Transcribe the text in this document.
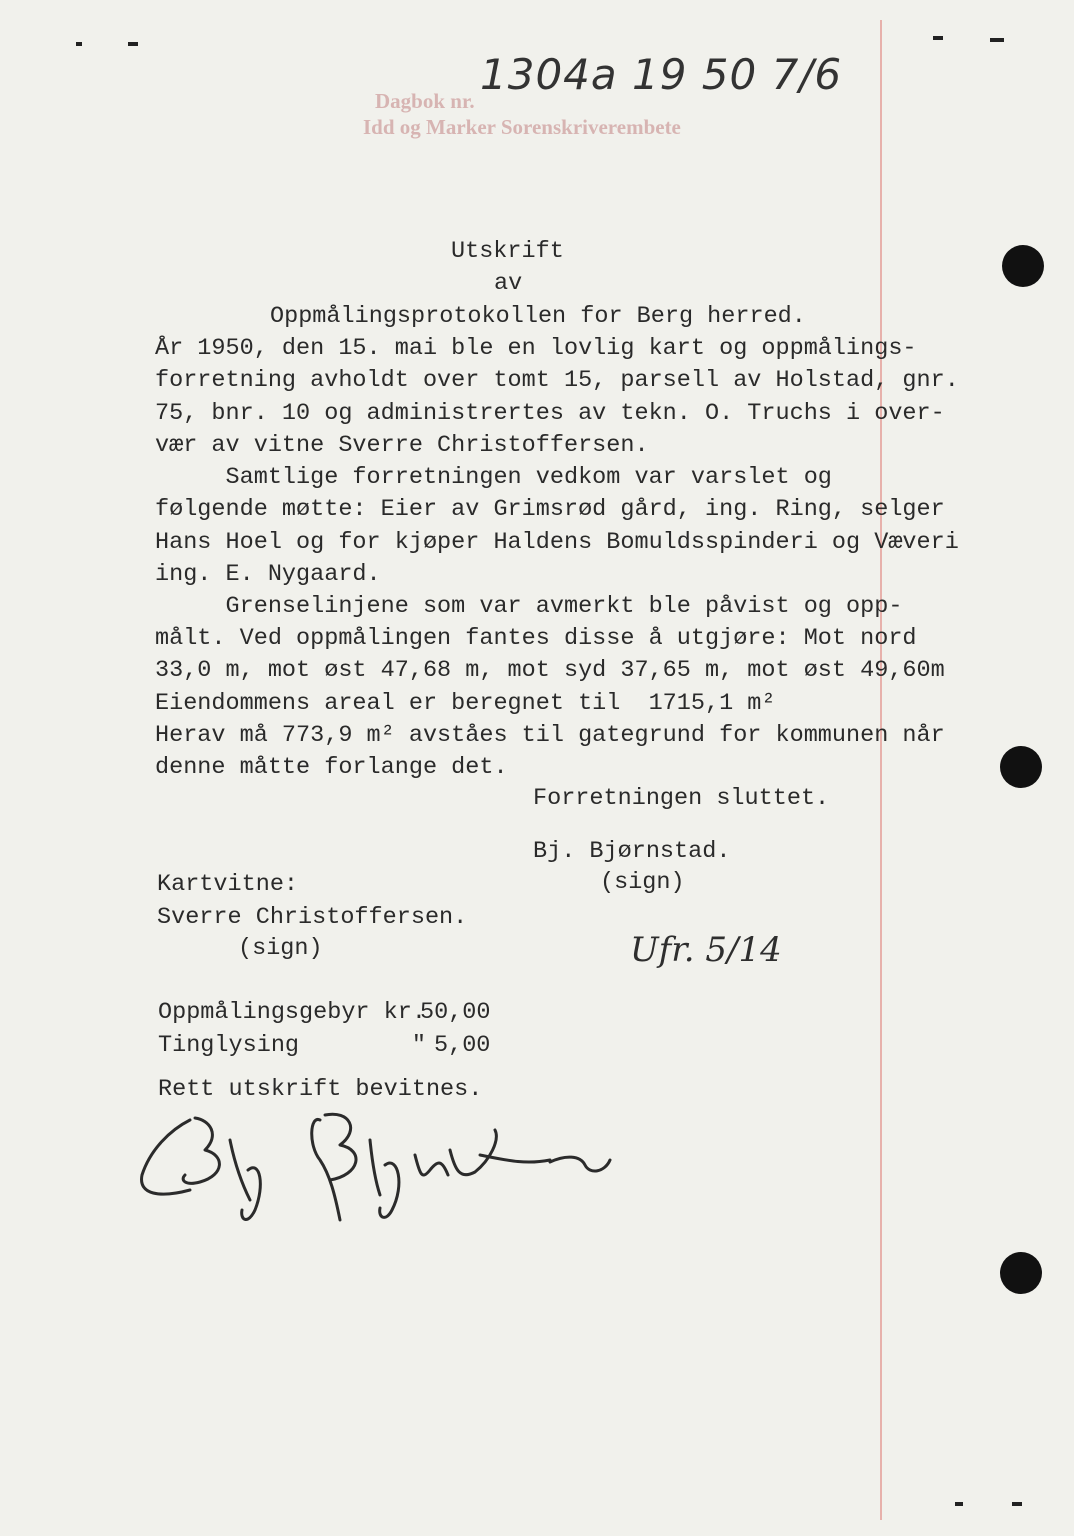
Dagbok nr.
Idd og Marker Sorenskriverembete
1304a 19 50 7/6
Utskrift
av
Oppmålingsprotokollen for Berg herred.
År 1950, den 15. mai ble en lovlig kart og oppmålings-
forretning avholdt over tomt 15, parsell av Holstad, gnr.
75, bnr. 10 og administrertes av tekn. O. Truchs i over-
vær av vitne Sverre Christoffersen.
Samtlige forretningen vedkom var varslet og
følgende møtte: Eier av Grimsrød gård, ing. Ring, selger
Hans Hoel og for kjøper Haldens Bomuldsspinderi og Væveri
ing. E. Nygaard.
Grenselinjene som var avmerkt ble påvist og opp-
målt. Ved oppmålingen fantes disse å utgjøre: Mot nord
33,0 m, mot øst 47,68 m, mot syd 37,65 m, mot øst 49,60m
Eiendommens areal er beregnet til  1715,1 m²
Herav må 773,9 m² avståes til gategrund for kommunen når
denne måtte forlange det.
Forretningen sluttet.
Bj. Bjørnstad.
(sign)
Kartvitne:
Sverre Christoffersen.
(sign)	Ufr. 5/14
Oppmålingsgebyr kr.
50,00
Tinglysing        " 5,00
Rett utskrift bevitnes.
